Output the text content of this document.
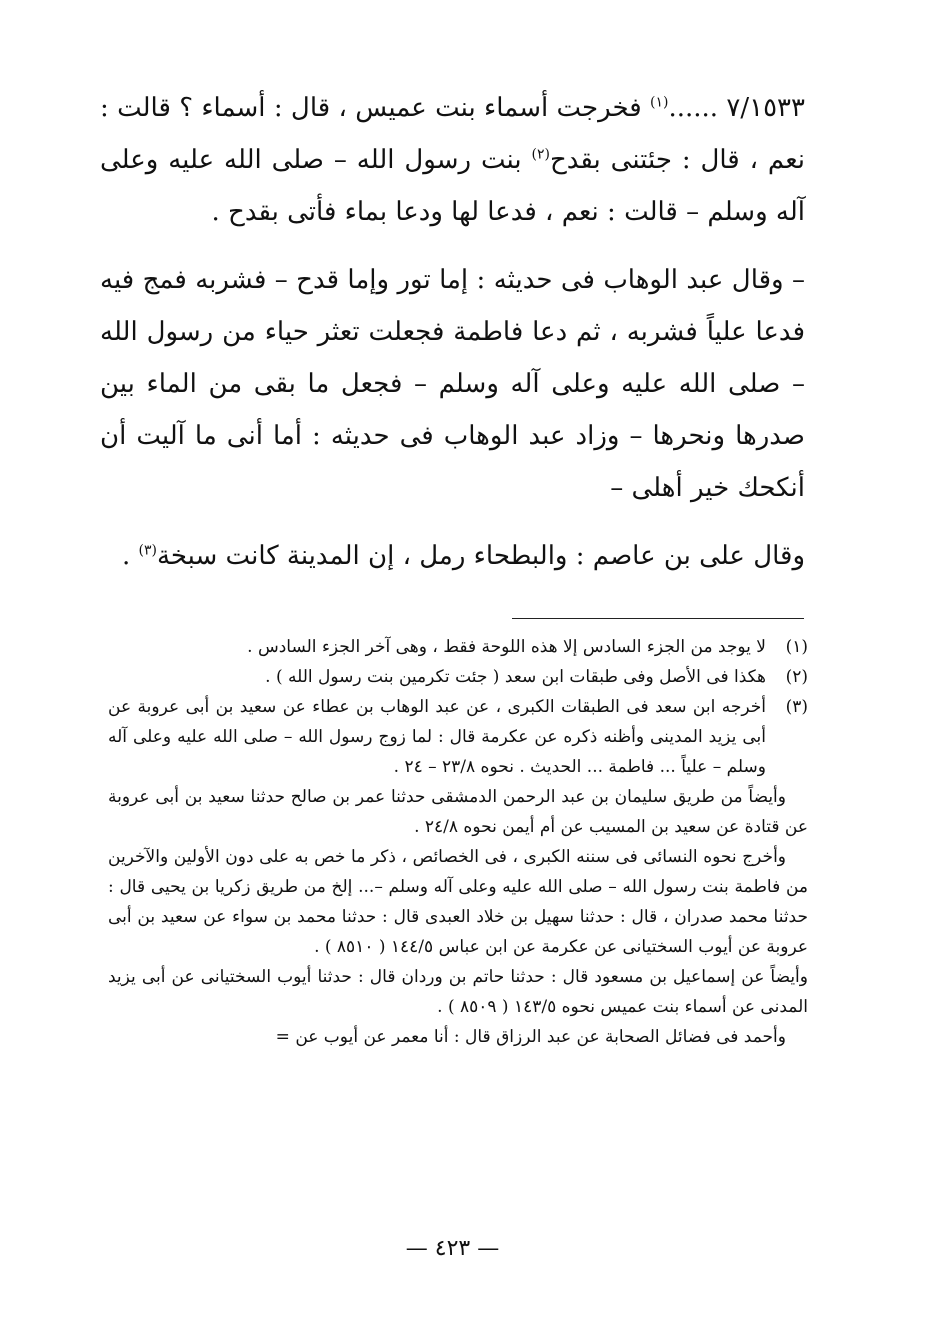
٧/١٥٣٣ ......$^{(١)}$ فخرجت أسماء بنت عميس ، قال : أسماء ؟ قالت : نعم ، قال : جئتنى بقدح$^{(٢)}$ بنت رسول الله – صلى الله عليه وعلى آله وسلم – قالت : نعم ، فدعا لها ودعا بماء فأتى بقدح .

– وقال عبد الوهاب فى حديثه : إما تور وإما قدح – فشربه فمج فيه فدعا علياً فشربه ، ثم دعا فاطمة فجعلت تعثر حياء من رسول الله – صلى الله عليه وعلى آله وسلم – فجعل ما بقى من الماء بين صدرها ونحرها – وزاد عبد الوهاب فى حديثه : أما أنى ما آليت أن أنكحك خير أهلى –

وقال على بن عاصم : والبطحاء رمل ، إن المدينة كانت سبخة$^{(٣)}$ .

(١)
لا يوجد من الجزء السادس إلا هذه اللوحة فقط ، وهى آخر الجزء السادس .
(٢)
هكذا فى الأصل وفى طبقات ابن سعد ( جئت تكرمين بنت رسول الله ) .
(٣)
أخرجه ابن سعد فى الطبقات الكبرى ، عن عبد الوهاب بن عطاء عن سعيد بن أبى عروبة عن أبى يزيد المدينى وأظنه ذكره عن عكرمة قال : لما زوج رسول الله – صلى الله عليه وعلى آله وسلم – علياً ... فاطمة ... الحديث . نحوه ٢٣/٨ – ٢٤ .

وأيضاً من طريق سليمان بن عبد الرحمن الدمشقى حدثنا عمر بن صالح حدثنا سعيد بن أبى عروبة عن قتادة عن سعيد بن المسيب عن أم أيمن نحوه ٢٤/٨ .

وأخرج نحوه النسائى فى سننه الكبرى ، فى الخصائص ، ذكر ما خص به على دون الأولين والآخرين من فاطمة بنت رسول الله – صلى الله عليه وعلى آله وسلم –... إلخ من طريق زكريا بن يحيى قال : حدثنا محمد صدران ، قال : حدثنا سهيل بن خلاد العبدى قال : حدثنا محمد بن سواء عن سعيد بن أبى عروبة عن أيوب السختيانى عن عكرمة عن ابن عباس ١٤٤/٥ ( ٨٥١٠ ) .

وأيضاً عن إسماعيل بن مسعود قال : حدثنا حاتم بن وردان قال : حدثنا أيوب السختيانى عن أبى يزيد المدنى عن أسماء بنت عميس نحوه ١٤٣/٥ ( ٨٥٠٩ ) .

وأحمد فى فضائل الصحابة عن عبد الرزاق قال : أنا معمر عن أيوب عن =

— ٤٢٣ —
